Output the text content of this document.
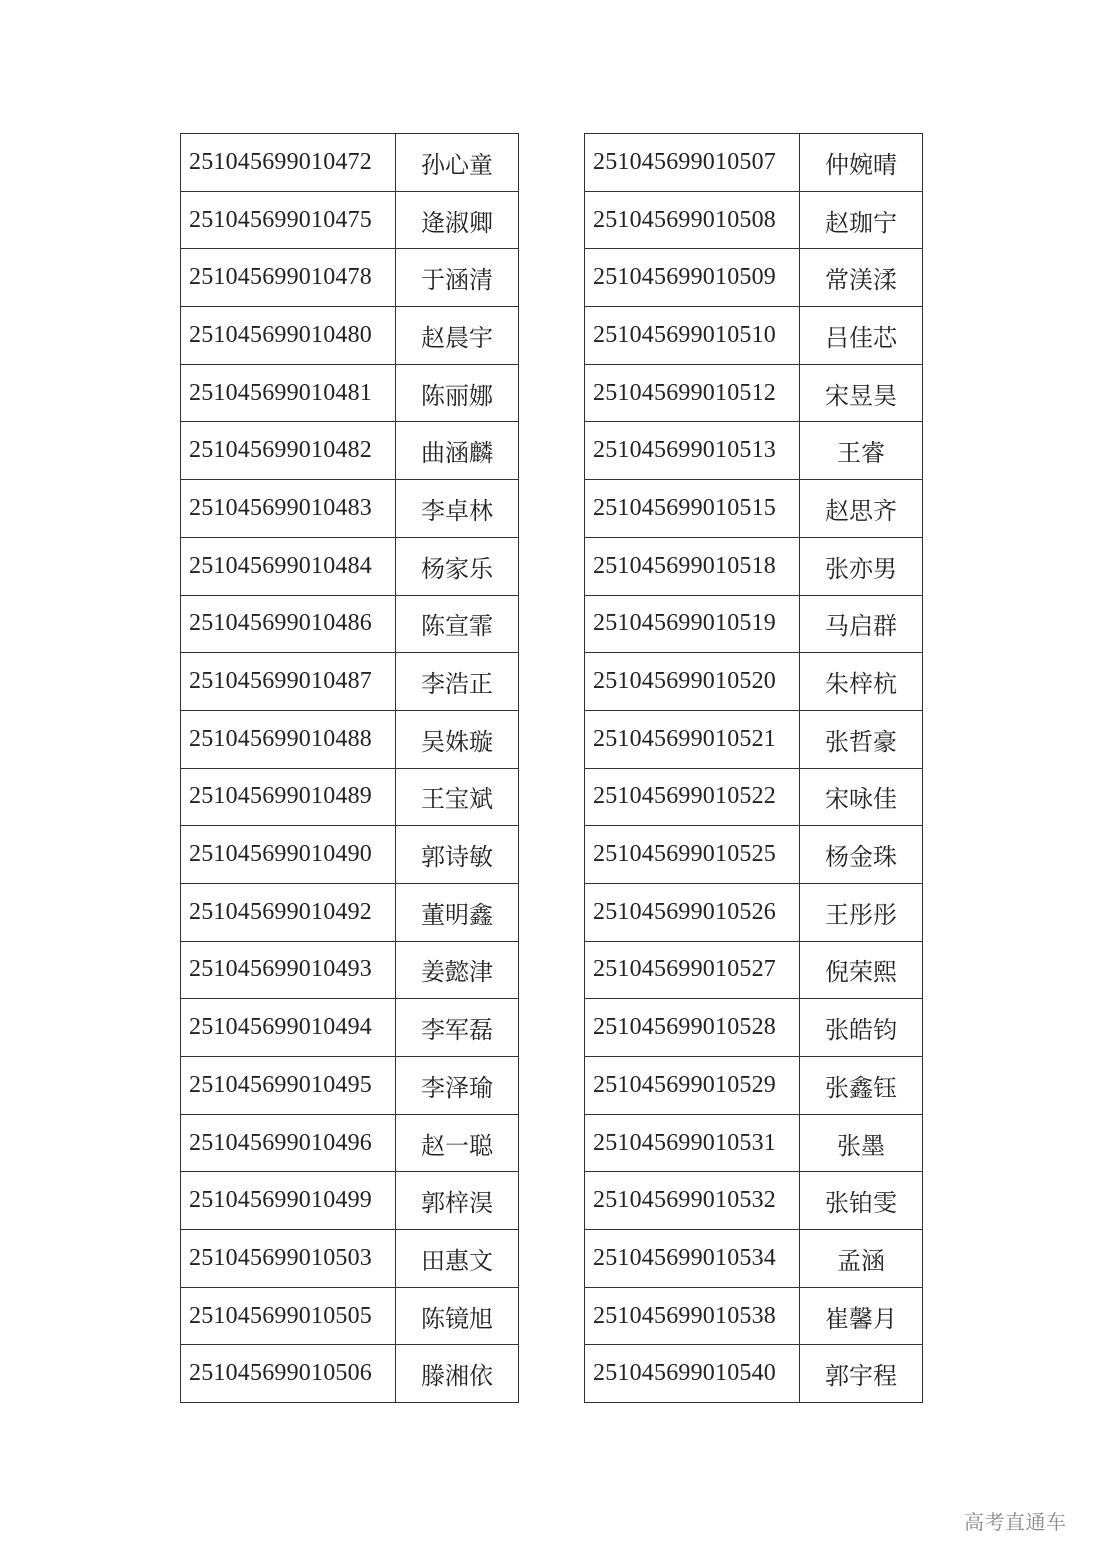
251045699010472	孙心童
251045699010475	逄淑卿
251045699010478	于涵清
251045699010480	赵晨宇
251045699010481	陈丽娜
251045699010482	曲涵麟
251045699010483	李卓林
251045699010484	杨家乐
251045699010486	陈宣霏
251045699010487	李浩正
251045699010488	吴姝璇
251045699010489	王宝斌
251045699010490	郭诗敏
251045699010492	董明鑫
251045699010493	姜懿津
251045699010494	李军磊
251045699010495	李泽瑜
251045699010496	赵一聪
251045699010499	郭梓淏
251045699010503	田惠文
251045699010505	陈镜旭
251045699010506	滕湘依
251045699010507	仲婉晴
251045699010508	赵珈宁
251045699010509	常渼渘
251045699010510	吕佳芯
251045699010512	宋昱昊
251045699010513	王睿
251045699010515	赵思齐
251045699010518	张亦男
251045699010519	马启群
251045699010520	朱梓杭
251045699010521	张哲豪
251045699010522	宋咏佳
251045699010525	杨金珠
251045699010526	王彤彤
251045699010527	倪荣熙
251045699010528	张皓钧
251045699010529	张鑫钰
251045699010531	张墨
251045699010532	张铂雯
251045699010534	孟涵
251045699010538	崔馨月
251045699010540	郭宇程
高考直通车
